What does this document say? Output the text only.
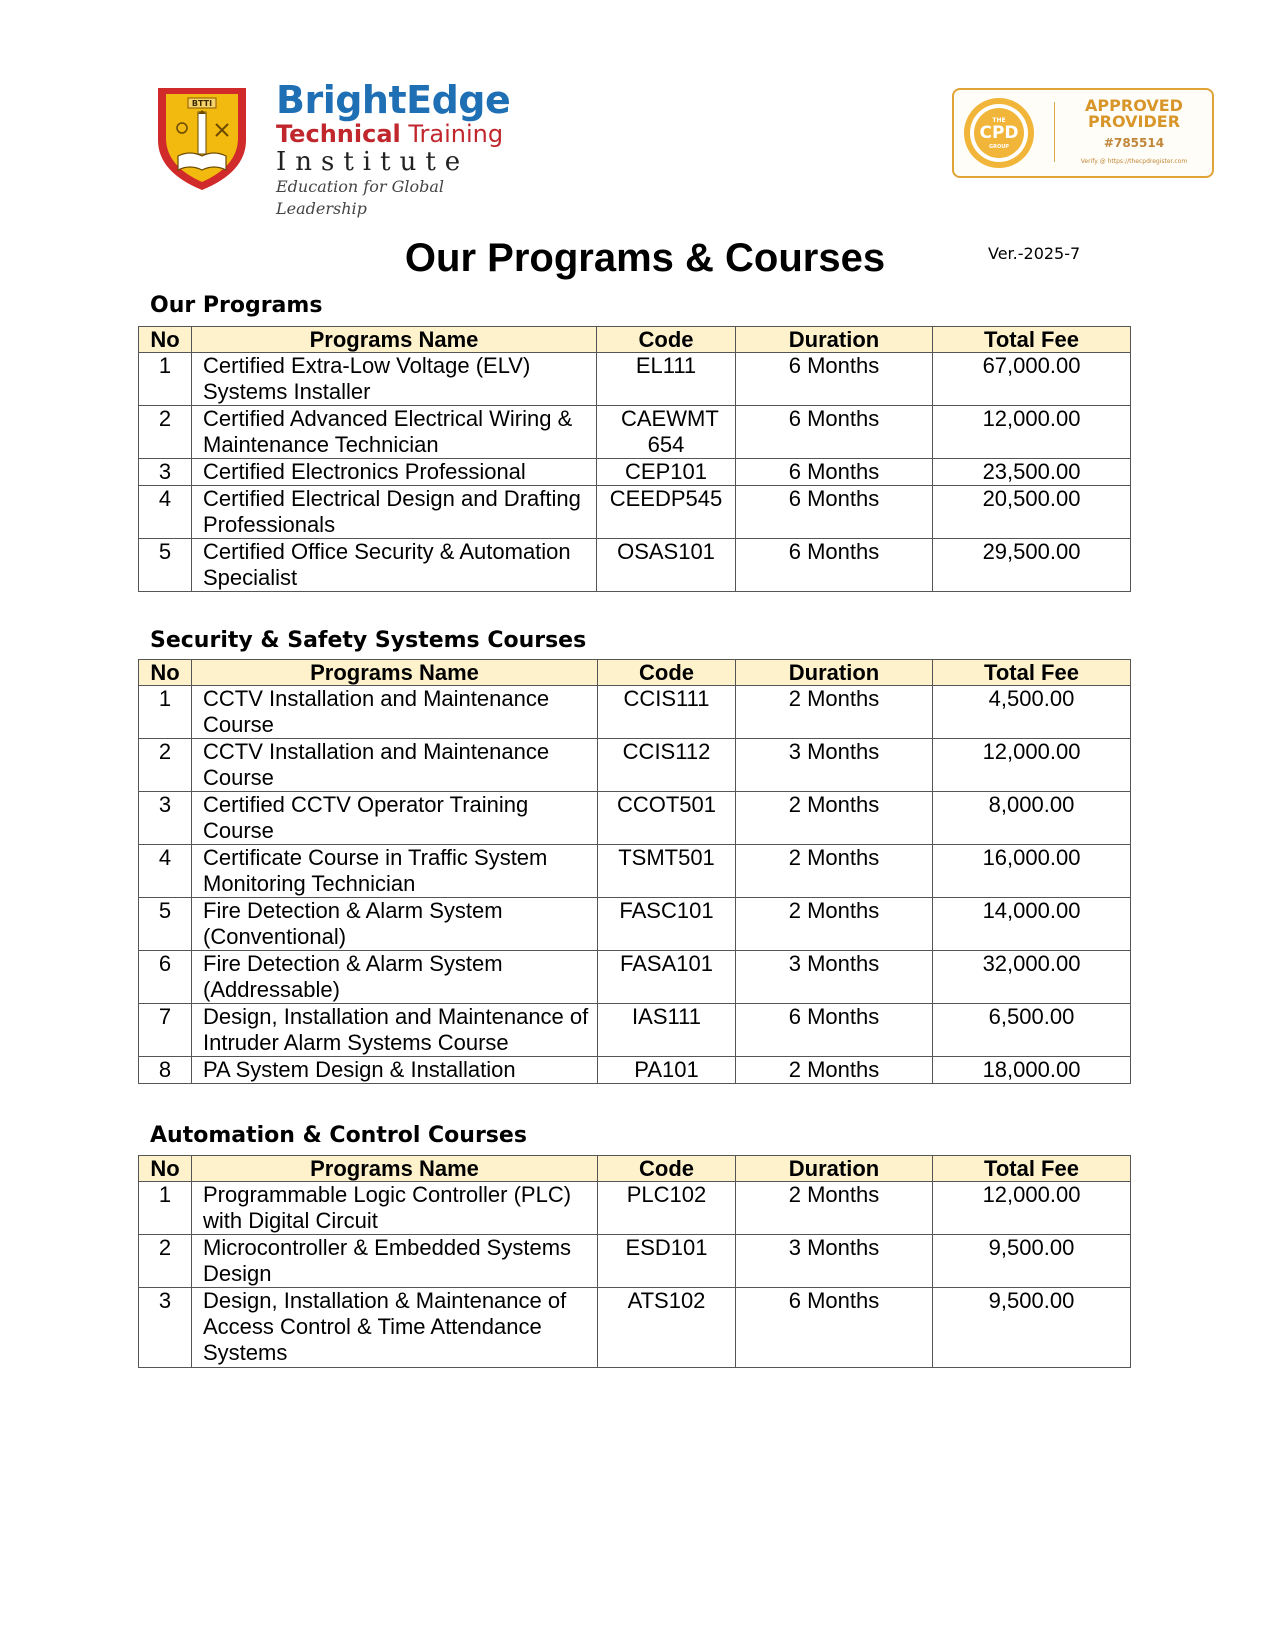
BTTI BrightEdge
Technical Training
Institute
Education for Global Leadership
THE
CPD
GROUP
APPROVED
PROVIDER
#785514
Verify @ https://thecpdregister.com
Our Programs & Courses	Ver.-2025-7
Our Programs
No	Programs Name	Code	Duration	Total Fee
1	Certified Extra-Low Voltage (ELV) Systems Installer	EL111	6 Months	67,000.00
2	Certified Advanced Electrical Wiring & Maintenance Technician	CAEWMT 654	6 Months	12,000.00
3	Certified Electronics Professional	CEP101	6 Months	23,500.00
4	Certified Electrical Design and Drafting Professionals	CEEDP545	6 Months	20,500.00
5	Certified Office Security & Automation Specialist	OSAS101	6 Months	29,500.00
Security & Safety Systems Courses
No	Programs Name	Code	Duration	Total Fee
1	CCTV Installation and Maintenance Course	CCIS111	2 Months	4,500.00
2	CCTV Installation and Maintenance Course	CCIS112	3 Months	12,000.00
3	Certified CCTV Operator Training Course	CCOT501	2 Months	8,000.00
4	Certificate Course in Traffic System Monitoring Technician	TSMT501	2 Months	16,000.00
5	Fire Detection & Alarm System (Conventional)	FASC101	2 Months	14,000.00
6	Fire Detection & Alarm System (Addressable)	FASA101	3 Months	32,000.00
7	Design, Installation and Maintenance of Intruder Alarm Systems Course	IAS111	6 Months	6,500.00
8	PA System Design & Installation	PA101	2 Months	18,000.00
Automation & Control Courses
No	Programs Name	Code	Duration	Total Fee
1	Programmable Logic Controller (PLC) with Digital Circuit	PLC102	2 Months	12,000.00
2	Microcontroller & Embedded Systems Design	ESD101	3 Months	9,500.00
3	Design, Installation & Maintenance of Access Control & Time Attendance Systems	ATS102	6 Months	9,500.00
